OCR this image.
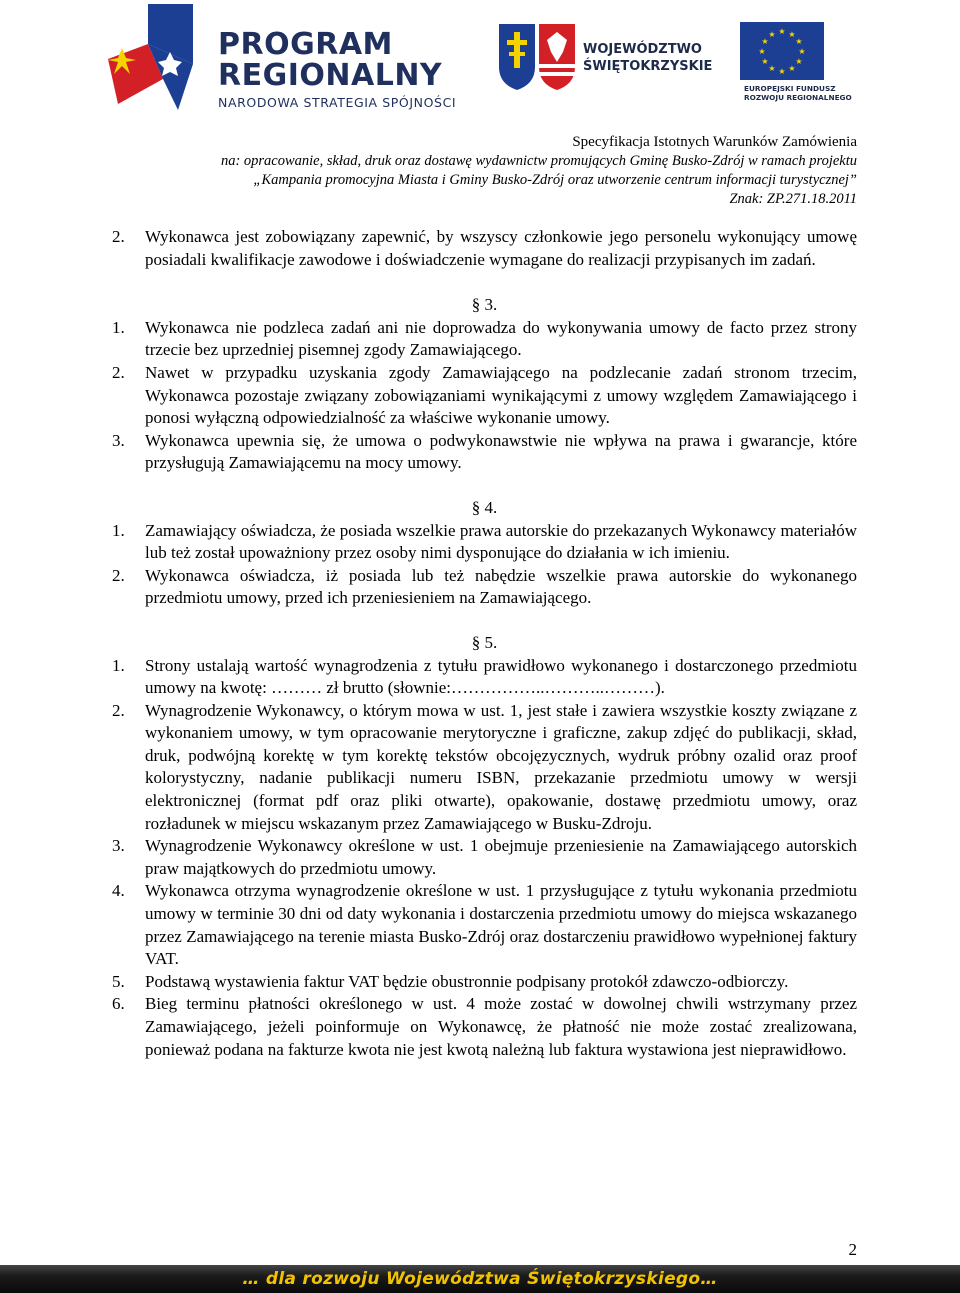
PROGRAM
REGIONALNY
NARODOWA STRATEGIA SPÓJNOŚCI
WOJEWÓDZTWO
ŚWIĘTOKRZYSKIE
★ ★
★
★
★
★
★
★
★
★
★
★
EUROPEJSKI FUNDUSZ
ROZWOJU REGIONALNEGO
Specyfikacja Istotnych Warunków Zamówienia
na: opracowanie, skład, druk oraz dostawę wydawnictw promujących Gminę Busko-Zdrój w ramach projektu
„Kampania promocyjna Miasta i Gminy Busko-Zdrój oraz utworzenie centrum informacji turystycznej”
Znak: ZP.271.18.2011
2.	Wykonawca jest zobowiązany zapewnić, by wszyscy członkowie jego personelu wykonujący umowę posiadali kwalifikacje zawodowe i doświadczenie wymagane do realizacji przypisanych im zadań.

§ 3.

1.	Wykonawca nie podzleca zadań ani nie doprowadza do wykonywania umowy de facto przez strony trzecie bez uprzedniej pisemnej zgody Zamawiającego.
2.	Nawet w przypadku uzyskania zgody Zamawiającego na podzlecanie zadań stronom trzecim, Wykonawca pozostaje związany zobowiązaniami wynikającymi z umowy względem Zamawiającego i ponosi wyłączną odpowiedzialność za właściwe wykonanie umowy.
3.	Wykonawca upewnia się, że umowa o podwykonawstwie nie wpływa na prawa i gwarancje, które przysługują Zamawiającemu na mocy umowy.

§ 4.

1.	Zamawiający oświadcza, że posiada wszelkie prawa autorskie do przekazanych Wykonawcy materiałów lub też został upoważniony przez osoby nimi dysponujące do działania w ich imieniu.
2.	Wykonawca oświadcza, iż posiada lub też nabędzie wszelkie prawa autorskie do wykonanego przedmiotu umowy, przed ich przeniesieniem na Zamawiającego.

§ 5.

1.	Strony ustalają wartość wynagrodzenia z tytułu prawidłowo wykonanego i dostarczonego przedmiotu umowy na kwotę: ……… zł brutto (słownie:……………..………..………).
2.	Wynagrodzenie Wykonawcy, o którym mowa w ust. 1, jest stałe i zawiera wszystkie koszty związane z wykonaniem umowy, w tym opracowanie merytoryczne i graficzne, zakup zdjęć do publikacji, skład, druk, podwójną korektę w tym korektę tekstów obcojęzycznych, wydruk próbny ozalid oraz proof kolorystyczny, nadanie publikacji numeru ISBN, przekazanie przedmiotu umowy w wersji elektronicznej (format pdf oraz pliki otwarte), opakowanie, dostawę przedmiotu umowy, oraz rozładunek w miejscu wskazanym przez Zamawiającego w Busku-Zdroju.
3.	Wynagrodzenie Wykonawcy określone w ust. 1 obejmuje przeniesienie na Zamawiającego autorskich praw majątkowych do przedmiotu umowy.
4.	Wykonawca otrzyma wynagrodzenie określone w ust. 1 przysługujące z tytułu wykonania przedmiotu umowy w terminie 30 dni od daty wykonania i dostarczenia przedmiotu umowy do miejsca wskazanego przez Zamawiającego na terenie miasta Busko-Zdrój oraz dostarczeniu prawidłowo wypełnionej faktury VAT.
5.	Podstawą wystawienia faktur VAT będzie obustronnie podpisany protokół zdawczo-odbiorczy.
6.	Bieg terminu płatności określonego w ust. 4 może zostać w dowolnej chwili wstrzymany przez Zamawiającego, jeżeli poinformuje on Wykonawcę, że płatność nie może zostać zrealizowana, ponieważ podana na fakturze kwota nie jest kwotą należną lub faktura wystawiona jest nieprawidłowo.
2
… dla rozwoju Województwa Świętokrzyskiego…
